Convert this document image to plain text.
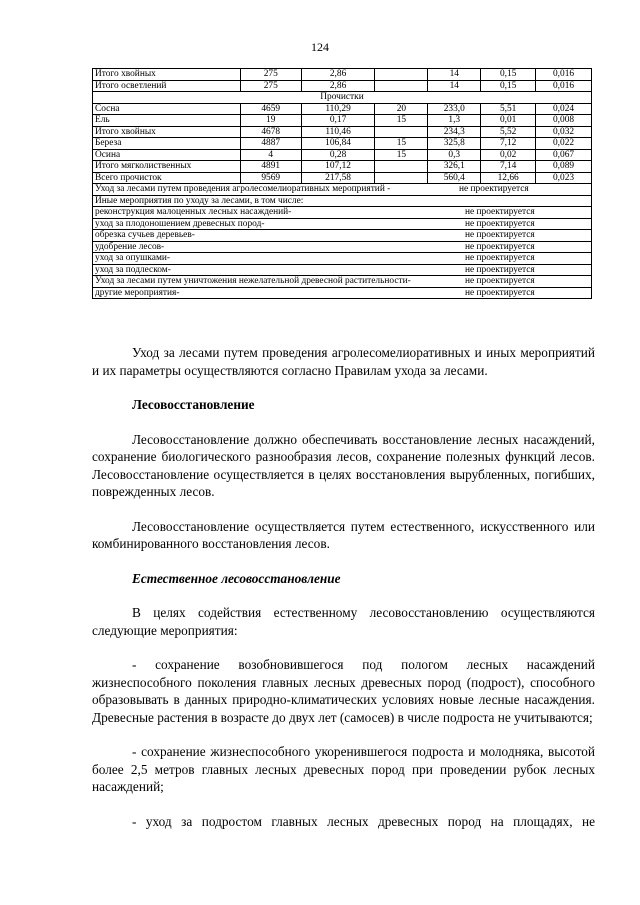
124
Итого хвойных	275	2,86		14	0,15	0,016
Итого осветлений	275	2,86		14	0,15	0,016
Прочистки						
Сосна	4659	110,29	20	233,0	5,51	0,024
Ель	19	0,17	15	1,3	0,01	0,008
Итого хвойных	4678	110,46		234,3	5,52	0,032
Береза	4887	106,84	15	325,8	7,12	0,022
Осина	4	0,28	15	0,3	0,02	0,067
Итого мягколиственных	4891	107,12		326,1	7,14	0,089
Всего прочисток	9569	217,58		560,4	12,66	0,023
Уход за лесами путем проведения агролесомелиоративных мероприятий - не проектируется						

Иные мероприятия по уходу за лесами, в том числе:						

реконструкция малоценных лесных насаждений- не проектируется						

уход за плодоношением древесных пород- не проектируется						

обрезка сучьев деревьев- не проектируется						

удобрение лесов- не проектируется						

уход за опушками- не проектируется						

уход за подлеском- не проектируется						

Уход за лесами путем уничтожения нежелательной древесной растительности- не проектируется						

другие мероприятия- не проектируется						

Уход за лесами путем проведения агролесомелиоративных и иных мероприятий и их параметры осуществляются согласно Правилам ухода за лесами.

Лесовосстановление

Лесовосстановление должно обеспечивать восстановление лесных насаждений, сохранение биологического разнообразия лесов, сохранение полезных функций лесов. Лесовосстановление осуществляется в целях восстановления вырубленных, погибших, поврежденных лесов.

Лесовосстановление осуществляется путем естественного, искусственного или комбинированного восстановления лесов.

Естественное лесовосстановление

В целях содействия естественному лесовосстановлению осуществляются следующие мероприятия:

- сохранение возобновившегося под пологом лесных насаждений жизнеспособного поколения главных лесных древесных пород (подрост), способного образовывать в данных природно-климатических условиях новые лесные насаждения. Древесные растения в возрасте до двух лет (самосев) в числе подроста не учитываются;

- сохранение жизнеспособного укоренившегося подроста и молодняка, высотой более 2,5 метров главных лесных древесных пород при проведении рубок лесных насаждений;

- уход за подростом главных лесных древесных пород на площадях, не
